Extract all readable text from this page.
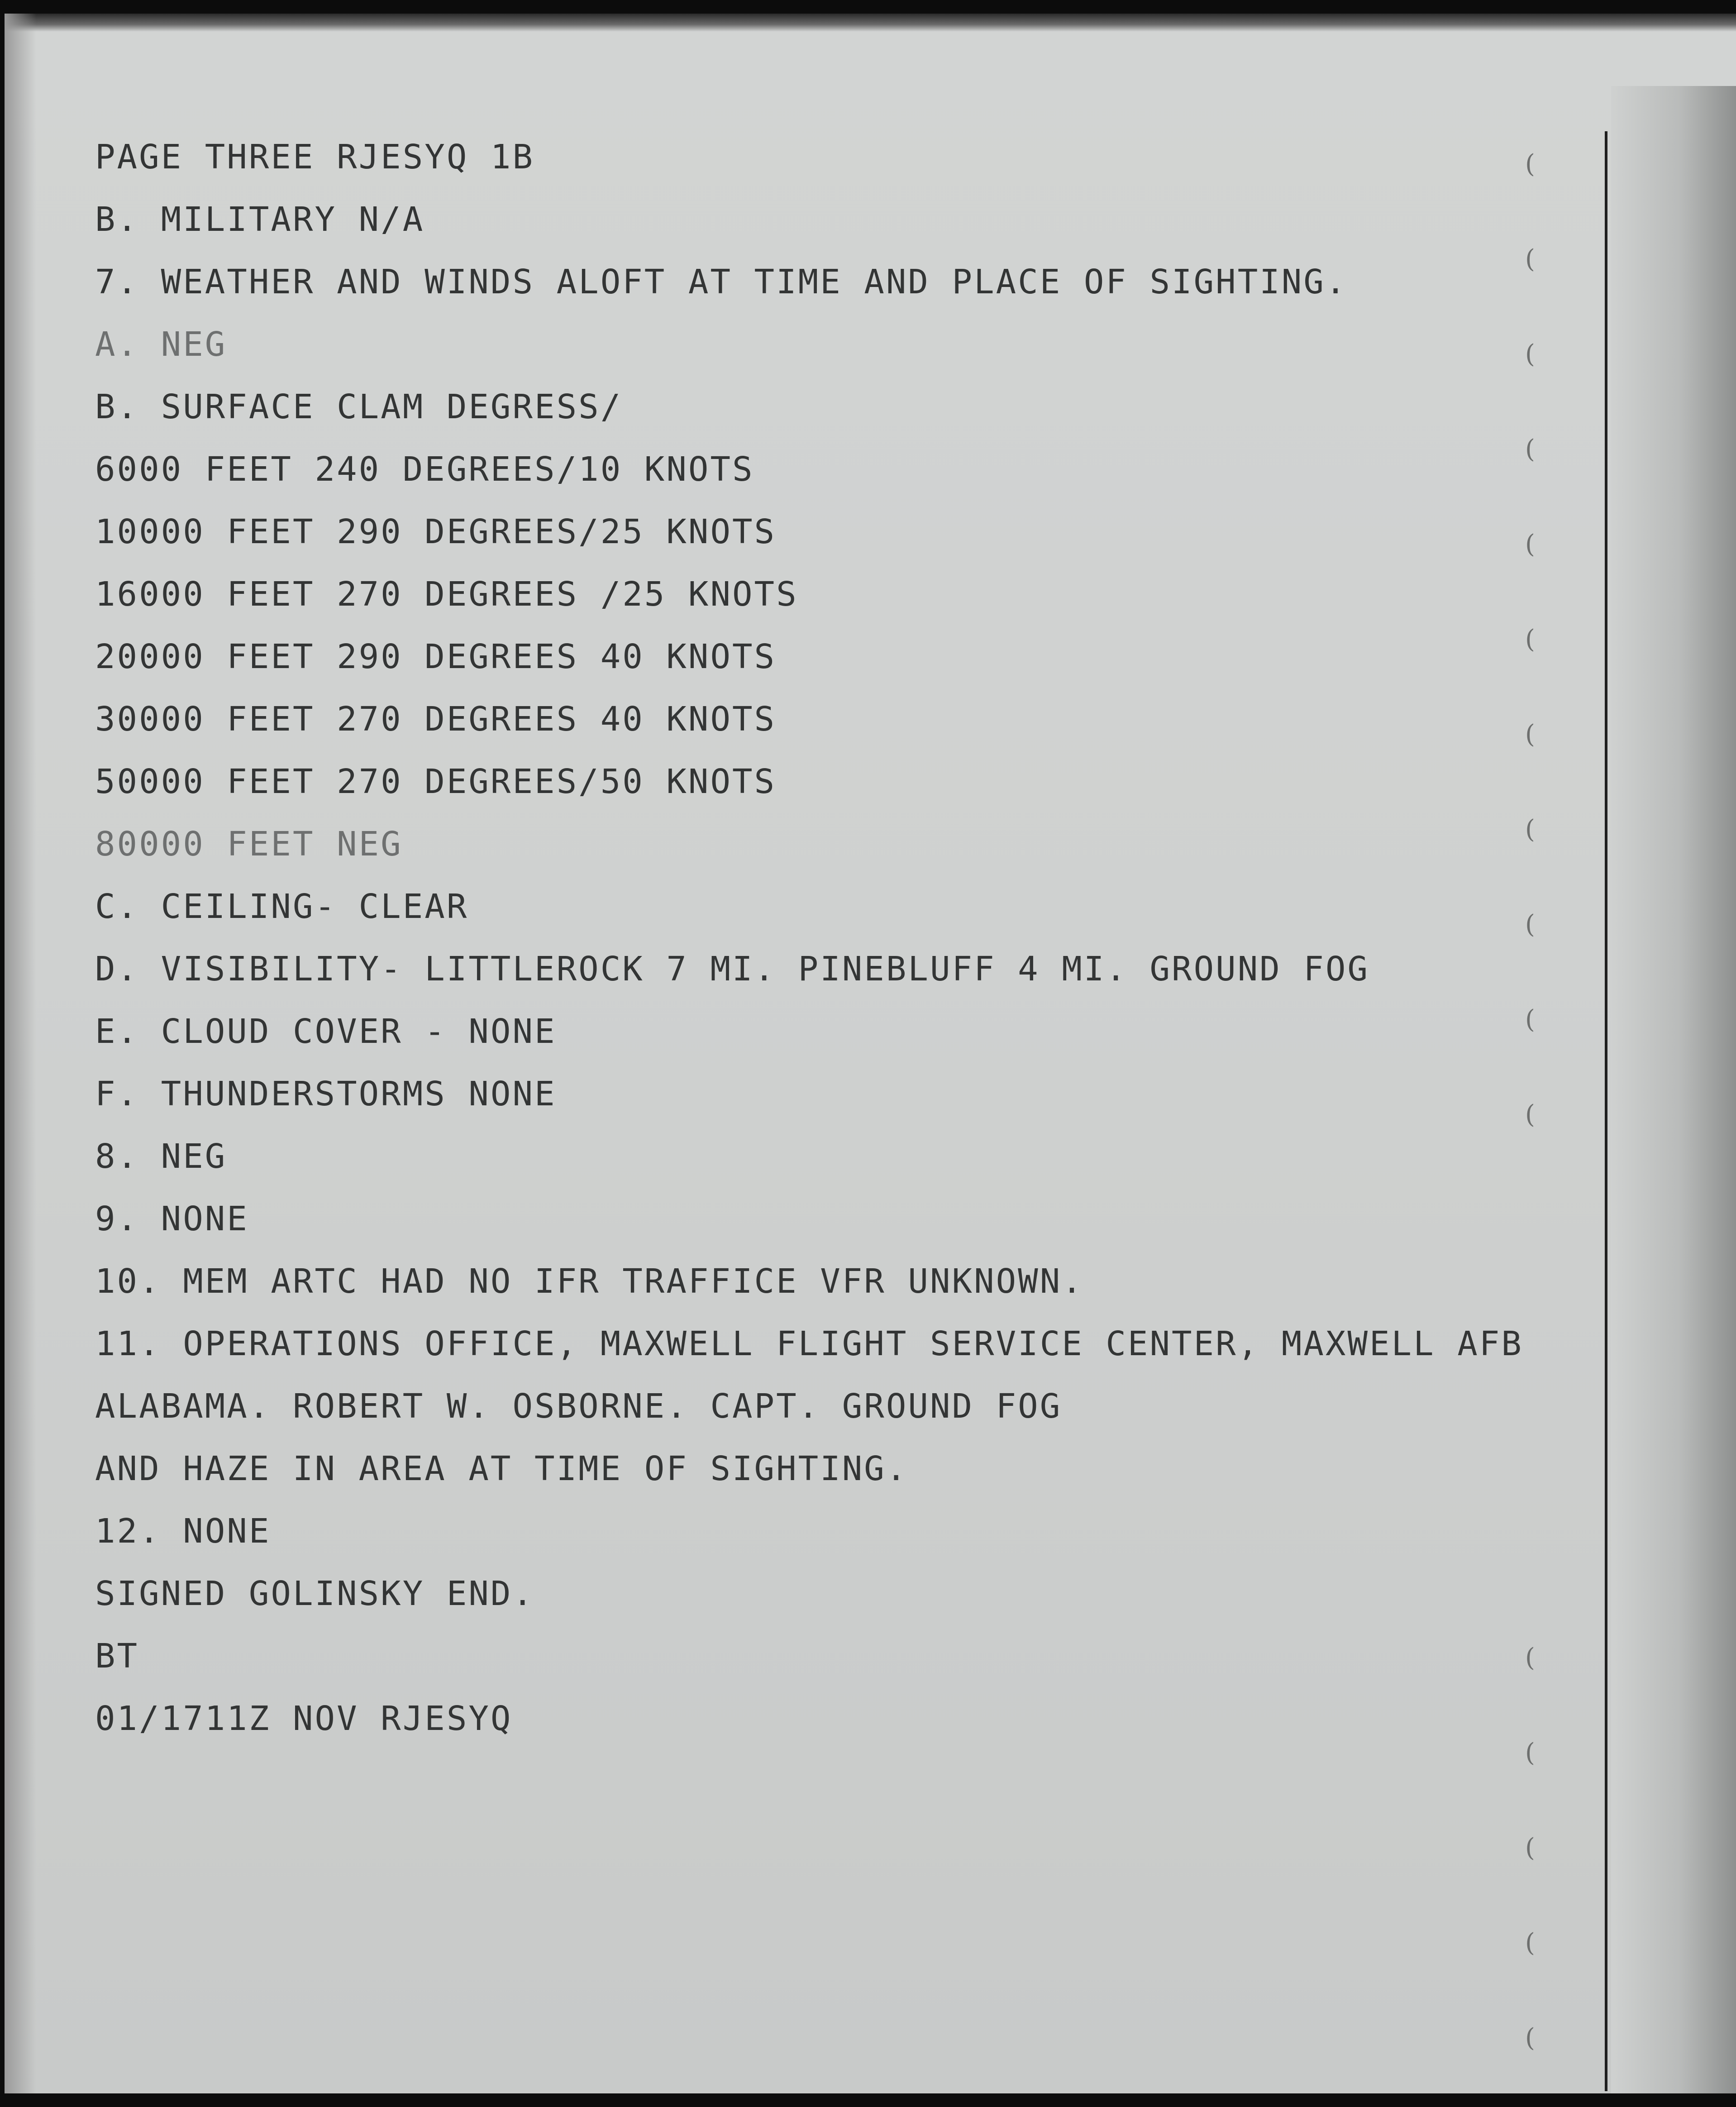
(
(
(
(
(
(
(
(
(
(
(
(
(
(
(
(
PAGE THREE RJESYQ 1B
B. MILITARY N/A
7. WEATHER AND WINDS ALOFT AT TIME AND PLACE OF SIGHTING.
A. NEG
B. SURFACE CLAM DEGRESS/
6000 FEET 240 DEGREES/10 KNOTS
10000 FEET 290 DEGREES/25 KNOTS
16000 FEET 270 DEGREES /25 KNOTS
20000 FEET 290 DEGREES 40 KNOTS
30000 FEET 270 DEGREES 40 KNOTS
50000 FEET 270 DEGREES/50 KNOTS
80000 FEET NEG
C. CEILING- CLEAR
D. VISIBILITY- LITTLEROCK 7 MI. PINEBLUFF 4 MI. GROUND FOG
E. CLOUD COVER - NONE
F. THUNDERSTORMS NONE
8. NEG
9. NONE
10. MEM ARTC HAD NO IFR TRAFFICE VFR UNKNOWN.
11. OPERATIONS OFFICE, MAXWELL FLIGHT SERVICE CENTER, MAXWELL AFB
ALABAMA. ROBERT W. OSBORNE. CAPT. GROUND FOG
AND HAZE IN AREA AT TIME OF SIGHTING.
12. NONE
SIGNED GOLINSKY END.
BT
01/1711Z NOV RJESYQ
